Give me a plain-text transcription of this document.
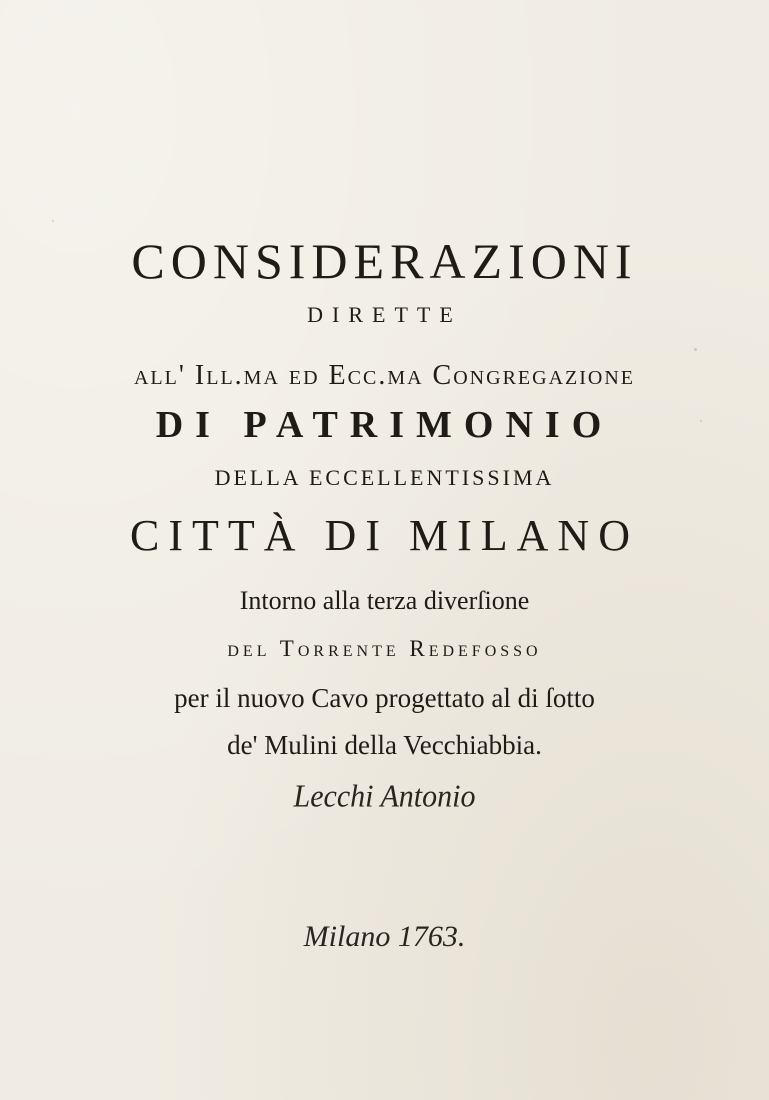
CONSIDERAZIONI
DIRETTE
all' Ill.ma ed Ecc.ma Congregazione
DI PATRIMONIO
DELLA ECCELLENTISSIMA
CITTÀ DI MILANO
Intorno alla terza diverſione
del Torrente Redefosso
per il nuovo Cavo progettato al di ſotto
de' Mulini della Vecchiabbia.
Lecchi Antonio
Milano 1763.
